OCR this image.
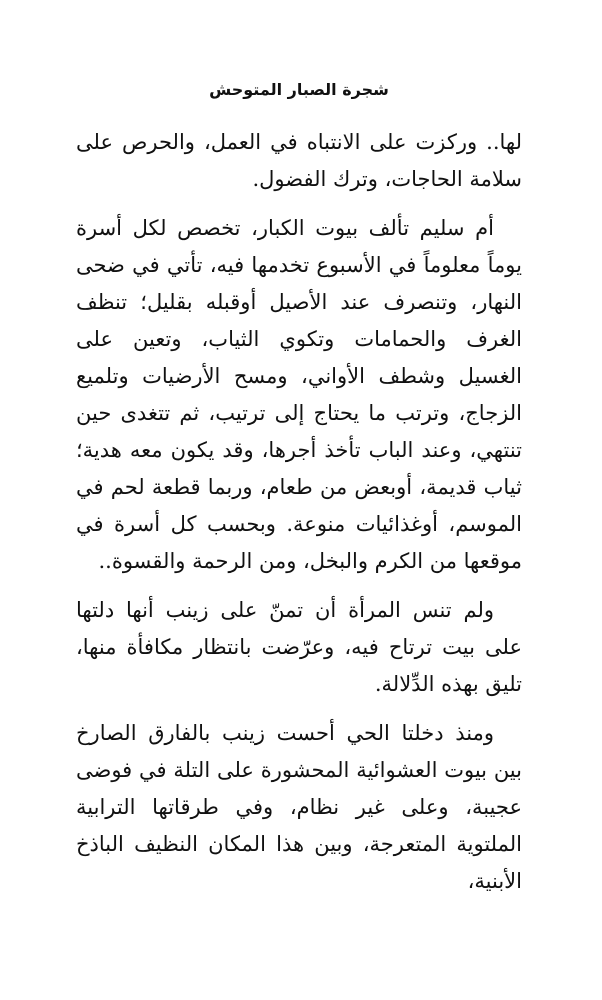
شجرة الصبار المتوحش

لها.. وركزت على الانتباه في العمل، والحرص على سلامة الحاجات، وترك الفضول.

أم سليم تألف بيوت الكبار، تخصص لكل أسرة يوماً معلوماً في الأسبوع تخدمها فيه، تأتي في ضحى النهار، وتنصرف عند الأصيل أوقبله بقليل؛ تنظف الغرف والحمامات وتكوي الثياب، وتعين على الغسيل وشطف الأواني، ومسح الأرضيات وتلميع الزجاج، وترتب ما يحتاج إلى ترتيب، ثم تتغدى حين تنتهي، وعند الباب تأخذ أجرها، وقد يكون معه هدية؛ ثياب قديمة، أوبعض من طعام، وربما قطعة لحم في الموسم، أوغذائيات منوعة. وبحسب كل أسرة في موقعها من الكرم والبخل، ومن الرحمة والقسوة..

ولم تنس المرأة أن تمنّ على زينب أنها دلتها على بيت ترتاح فيه، وعرّضت بانتظار مكافأة منها، تليق بهذه الدِّلالة.

ومنذ دخلتا الحي أحست زينب بالفارق الصارخ بين بيوت العشوائية المحشورة على التلة في فوضى عجيبة، وعلى غير نظام، وفي طرقاتها الترابية الملتوية المتعرجة، وبين هذا المكان النظيف الباذخ الأبنية،
